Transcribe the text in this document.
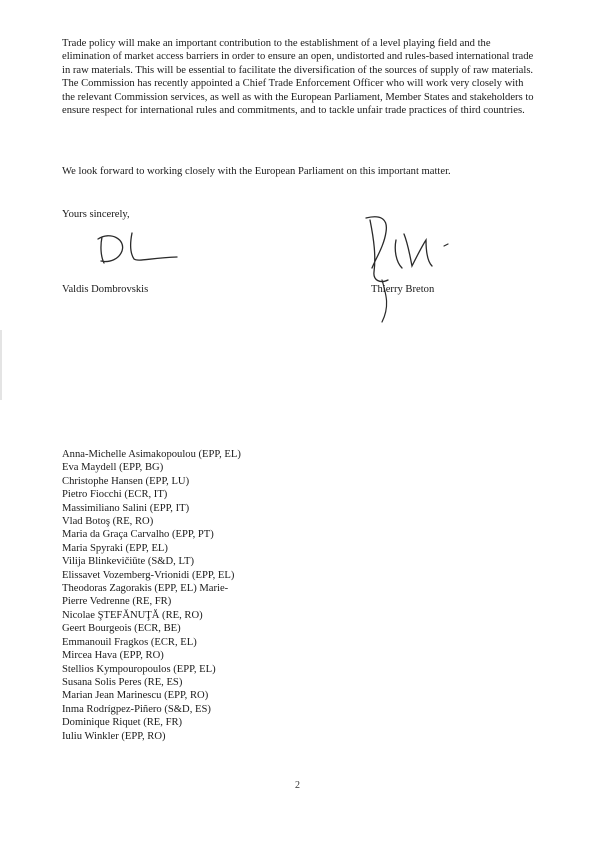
Trade policy will make an important contribution to the establishment of a level playing field and the elimination of market access barriers in order to ensure an open, undistorted and rules-based international trade in raw materials. This will be essential to facilitate the diversification of the sources of supply of raw materials. The Commission has recently appointed a Chief Trade Enforcement Officer who will work very closely with the relevant Commission services, as well as with the European Parliament, Member States and stakeholders to ensure respect for international rules and commitments, and to tackle unfair trade practices of third countries.

We look forward to working closely with the European Parliament on this important matter.

Yours sincerely,
Valdis Dombrovskis	Thierry Breton
Anna-Michelle Asimakopoulou (EPP, EL)
Eva Maydell (EPP, BG)
Christophe Hansen (EPP, LU)
Pietro Fiocchi (ECR, IT)
Massimiliano Salini (EPP, IT)
Vlad Botoş (RE, RO)
Maria da Graça Carvalho (EPP, PT)
Maria Spyraki (EPP, EL)
Vilija Blinkevičiūte (S&D, LT)
Elissavet Vozemberg-Vrionidi (EPP, EL)
Theodoras Zagorakis (EPP, EL) Marie-
Pierre Vedrenne (RE, FR)
Nicolae ŞTEFĂNUŢĂ (RE, RO)
Geert Bourgeois (ECR, BE)
Emmanouil Fragkos (ECR, EL)
Mircea Hava (EPP, RO)
Stellios Kympouropoulos (EPP, EL)
Susana Solis Peres (RE, ES)
Marian Jean Marinescu (EPP, RO)
Inma Rodrígpez-Piñero (S&D, ES)
Dominique Riquet (RE, FR)
Iuliu Winkler (EPP, RO)
2
